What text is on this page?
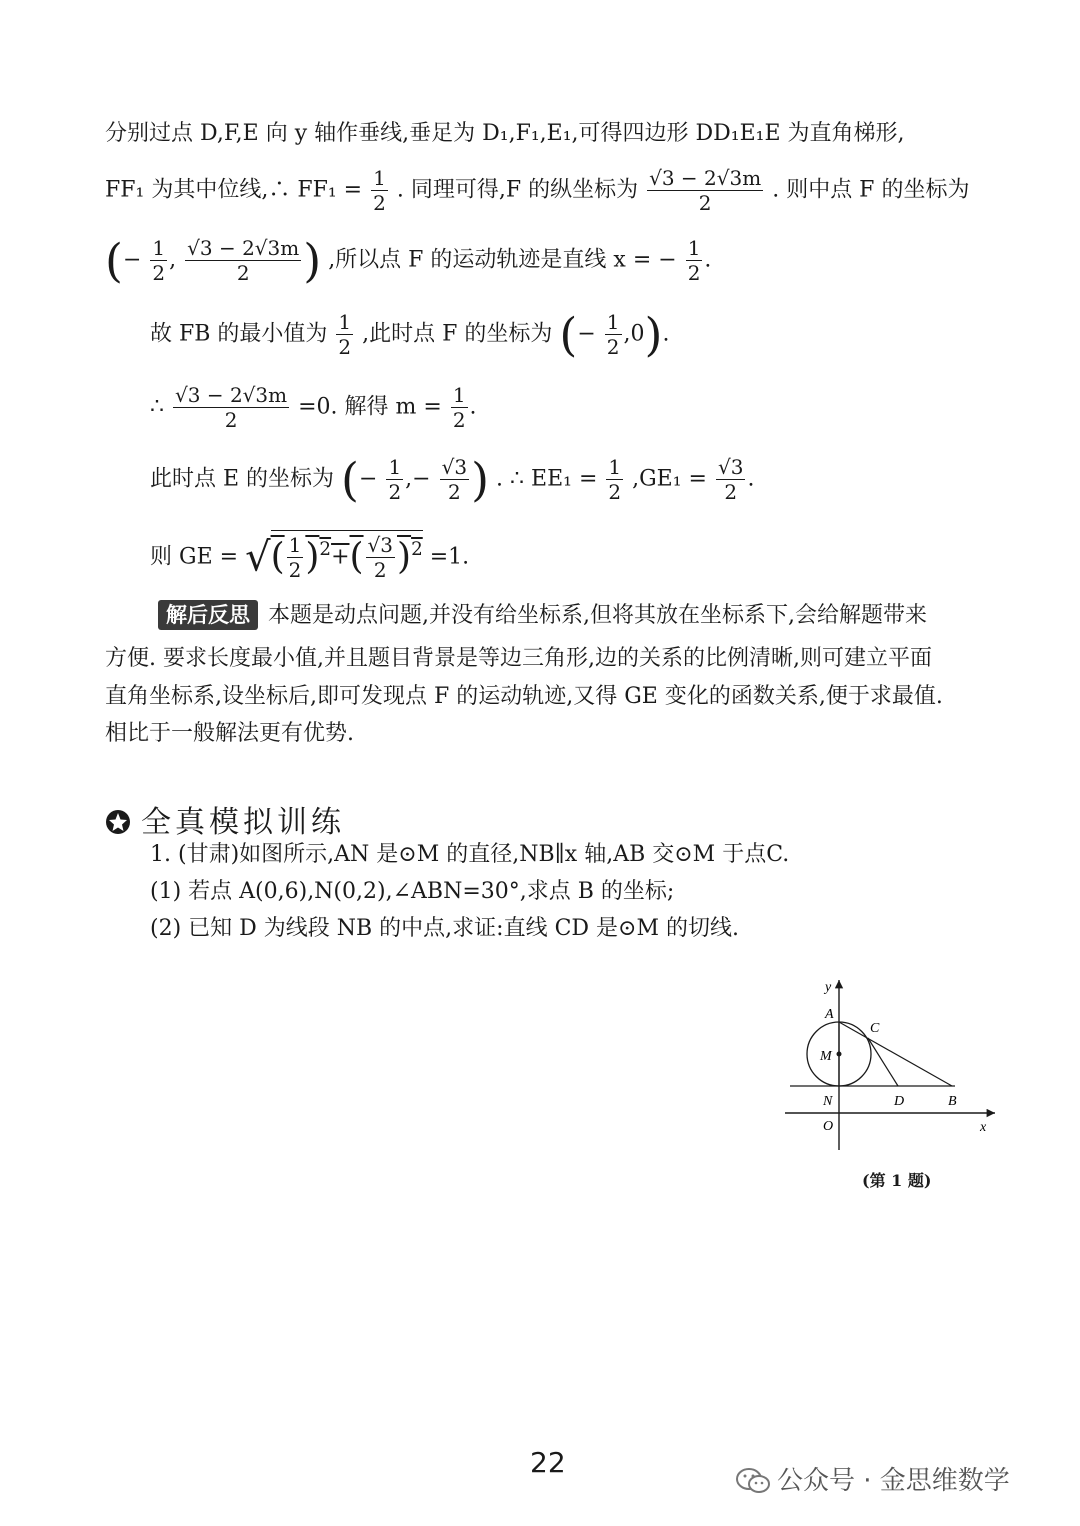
分别过点 D,F,E 向 y 轴作垂线,垂足为 D₁,F₁,E₁,可得四边形 DD₁E₁E 为直角梯形,
FF₁ 为其中位线,∴ $FF_1 = \frac{1}{2}$ . 同理可得,F 的纵坐标为 $\frac{√3 - 2√3m}{2}$ . 则中点 F 的坐标为
(− $\frac{1}{2}$ , $\frac{√3 - 2√3m}{2}$ ) ,所以点 F 的运动轨迹是直线 x = − $\frac{1}{2}$ .
故 FB 的最小值为 $\frac{1}{2}$ ,此时点 F 的坐标为 (− $\frac{1}{2} ,0$).
∴ $\frac{√3 - 2√3m}{2} =0$. 解得 $m = \frac{1}{2}$ .
此时点 E 的坐标为 (− $\frac{1}{2}$ ,− $\frac{√3}{2}$ ) . ∴ $EE_1 = \frac{1}{2} ,GE_1 = \frac{√3}{2}$ .
则 GE = √( $\frac{1}{2} )^2+( \frac{√3}{2} )^2 =1$.
解后反思 本题是动点问题,并没有给坐标系,但将其放在坐标系下,会给解题带来
方便. 要求长度最小值,并且题目背景是等边三角形,边的关系的比例清晰,则可建立平面
直角坐标系,设坐标后,即可发现点 F 的运动轨迹,又得 GE 变化的函数关系,便于求最值.
相比于一般解法更有优势.
全真模拟训练
1. (甘肃)如图所示,AN 是⊙M 的直径,NB∥x 轴,AB 交⊙M 于点C.
(1) 若点 A(0,6),N(0,2),∠ABN=30°,求点 B 的坐标;
(2) 已知 D 为线段 NB 的中点,求证:直线 CD 是⊙M 的切线.
y
A
C
M
N	D	B
O	x
(第 1 题)
22
公众号 · 金思维数学
